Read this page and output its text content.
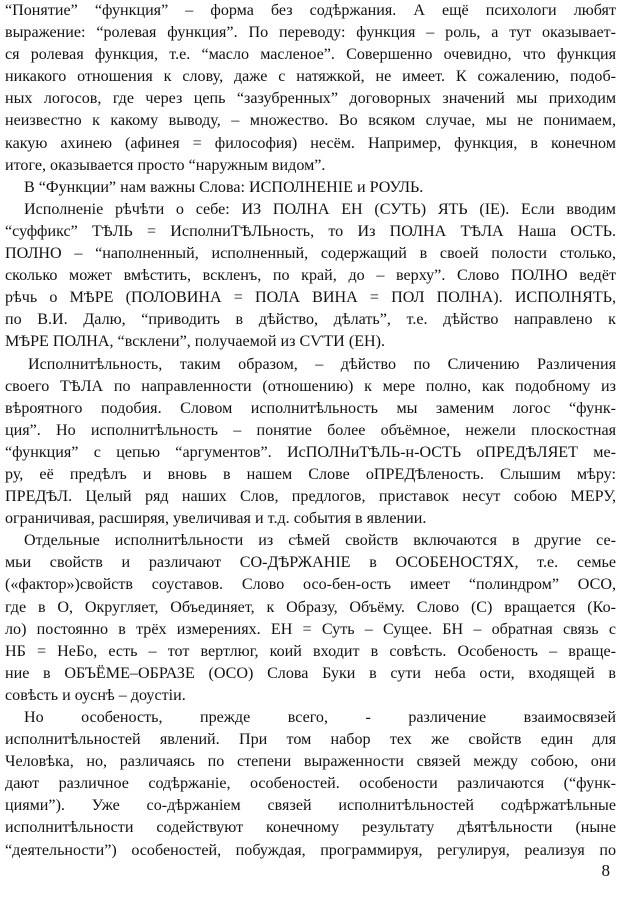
“Понятие” “функция” – форма без содѣржания. А ещё психологи любят
выражение: “ролевая функция”. По переводу: функция – роль, а тут оказывает-
ся ролевая функция, т.е. “масло масленое”. Совершенно очевидно, что функция
никакого отношения к слову, даже с натяжкой, не имеет. К сожалению, подоб-
ных логосов, где через цепь “зазубренных” договорных значений мы приходим
неизвестно к какому выводу, – множество. Во всяком случае, мы не понимаем,
какую ахинею (афинея = философия) несём. Например, функция, в конечном
итоге, оказывается просто “наружным видом”.
В “Функции” нам важны Слова: ИСПОЛНЕНIЕ и РОУЛЬ.
Исполненiе рѣчѣти о себе: ИЗ ПОЛНА ЕН (СУТЬ) ЯТЬ (IE). Если вводим
“суффикс” ТѢЛЬ = ИсполниТѢЛЬность, то Из ПОЛНА ТѢЛА Наша ОСТЬ.
ПОЛНО – “наполненный, исполненный, содержащий в своей полости столько,
сколько может вмѣстить, вскленъ, по край, до – верху”. Слово ПОЛНО ведёт
рѣчь о МѢРЕ (ПОЛОВИНА = ПОЛА ВИНА = ПОЛ ПОЛНА). ИСПОЛНЯТЬ,
по В.И. Далю, “приводить в дѣйство, дѣлать”, т.е. дѣйство направлено к
МѢРЕ ПОЛНА, “всклени”, получаемой из СѴТИ (ЕН).
Исполнитѣльность, таким образом, – дѣйство по Сличению Различения
своего ТѢЛА по направленности (отношению) к мере полно, как подобному из
вѣроятного подобия. Словом исполнитѣльность мы заменим логос “функ-
ция”. Но исполнитѣльность – понятие более объёмное, нежели плоскостная
“функция” с цепью “аргументов”. ИсПОЛНиТѢЛЬ-н-ОСТЬ оПРЕДѢЛЯЕТ ме-
ру, её предѣлъ и вновь в нашем Слове оПРЕДѢленость. Слышим мѣру:
ПРЕДѢЛ. Целый ряд наших Слов, предлогов, приставок несут собою МЕРУ,
ограничивая, расширяя, увеличивая и т.д. события в явлении.
Отдельные исполнитѣльности из сѣмей свойств включаются в другие се-
мьи свойств и различают СО-ДѢРЖАНIЕ в ОСОБЕНОСТЯХ, т.е. семье
(«фактор»)свойств соуставов. Слово осо-бен-ость имеет “полиндром” ОСО,
где в О, Округляет, Объединяет, к Образу, Объёму. Слово (С) вращается (Ко-
ло) постоянно в трёх измерениях. ЕН = Суть – Сущее. БН – обратная связь с
НБ = НеБо, есть – тот вертлюг, коий входит в совѣсть. Особеность – враще-
ние в ОБЪЁМЕ–ОБРАЗЕ (ОСО) Слова Буки в сути неба ости, входящей в
совѣсть и оуснѣ – доуcтiи.
Но особеность, прежде всего, - различение взаимосвязей
исполнитѣльностей явлений. При том набор тех же свойств един для
Человѣка, но, различаясь по степени выраженности связей между собою, они
дают различное содѣржанiе, особеностей. особености различаются (“функ-
циями”). Уже со-дѣржанiем связей исполнитѣльностей содѣржатѣльные
исполнитѣльности содействуют конечному результату дѣятѣльности (ныне
“деятельности”) особеностей, побуждая, программируя, регулируя, реализуя по
8
